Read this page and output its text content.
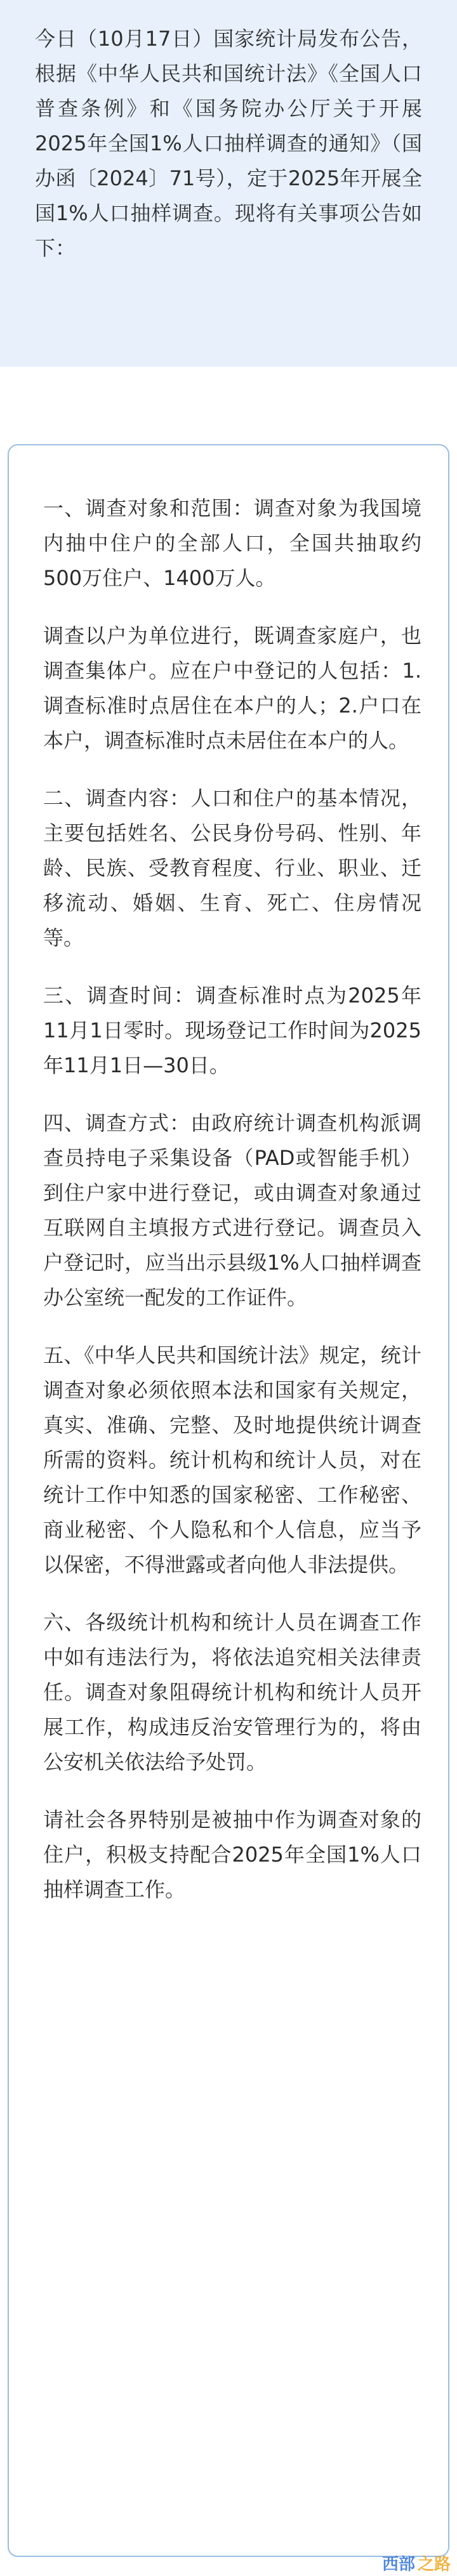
今日（10月17日）国家统计局发布公告，根据《中华人民共和国统计法》《全国人口普查条例》和《国务院办公厅关于开展2025年全国1%人口抽样调查的通知》（国办函〔2024〕71号），定于2025年开展全国1%人口抽样调查。现将有关事项公告如下：

一、调查对象和范围：调查对象为我国境内抽中住户的全部人口，全国共抽取约500万住户、1400万人。

调查以户为单位进行，既调查家庭户，也调查集体户。应在户中登记的人包括：1.调查标准时点居住在本户的人；2.户口在本户，调查标准时点未居住在本户的人。

二、调查内容：人口和住户的基本情况，主要包括姓名、公民身份号码、性别、年龄、民族、受教育程度、行业、职业、迁移流动、婚姻、生育、死亡、住房情况等。

三、调查时间：调查标准时点为2025年11月1日零时。现场登记工作时间为2025年11月1日—30日。

四、调查方式：由政府统计调查机构派调查员持电子采集设备（PAD或智能手机）到住户家中进行登记，或由调查对象通过互联网自主填报方式进行登记。调查员入户登记时，应当出示县级1%人口抽样调查办公室统一配发的工作证件。

五、《中华人民共和国统计法》规定，统计调查对象必须依照本法和国家有关规定，真实、准确、完整、及时地提供统计调查所需的资料。统计机构和统计人员，对在统计工作中知悉的国家秘密、工作秘密、商业秘密、个人隐私和个人信息，应当予以保密，不得泄露或者向他人非法提供。

六、各级统计机构和统计人员在调查工作中如有违法行为，将依法追究相关法律责任。调查对象阻碍统计机构和统计人员开展工作，构成违反治安管理行为的，将由公安机关依法给予处罚。

请社会各界特别是被抽中作为调查对象的住户，积极支持配合2025年全国1%人口抽样调查工作。

西部 之路
